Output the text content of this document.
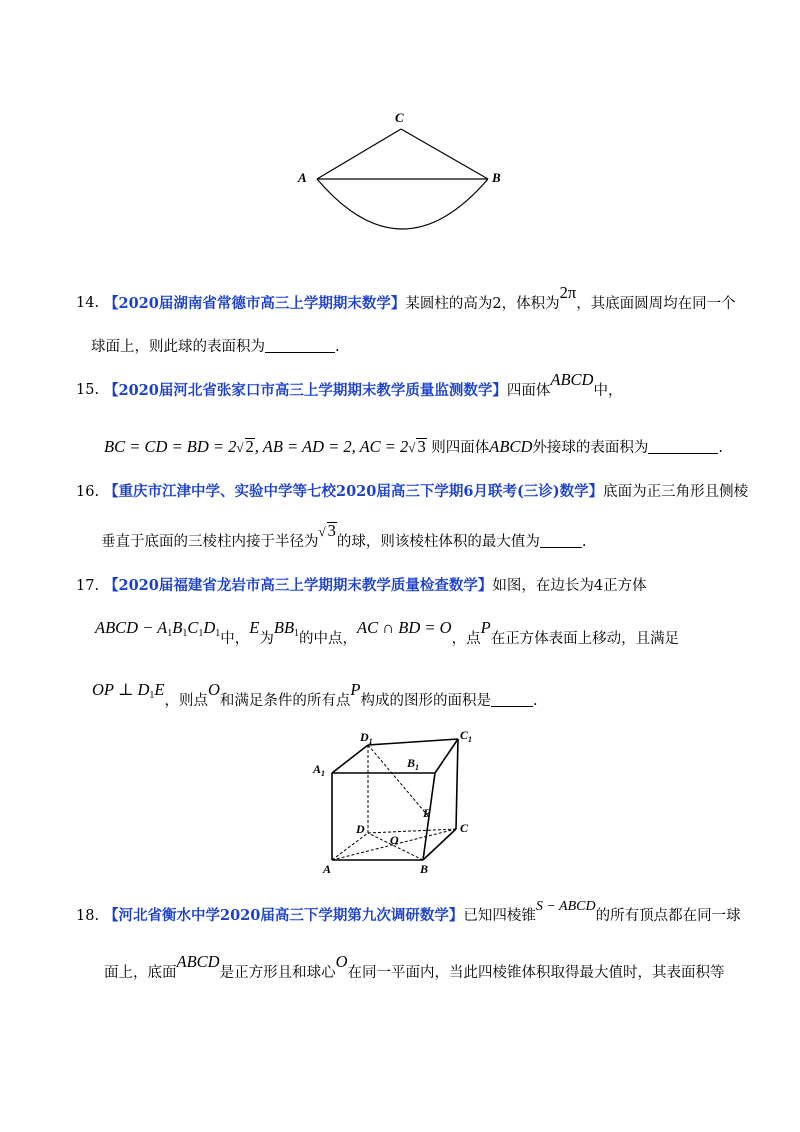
C
A	B
14. 【2020届湖南省常德市高三上学期期末数学】某圆柱的高为2，体积为2π，其底面圆周均在同一个
球面上，则此球的表面积为	.
15. 【2020届河北省张家口市高三上学期期末教学质量监测数学】四面体ABCD中，
BC = CD = BD = 2√ 2, AB = AD = 2, AC = 2√ 3 则四面体ABCD外接球的表面积为	.
16. 【重庆市江津中学、实验中学等七校2020届高三下学期6月联考(三诊)数学】底面为正三角形且侧棱
垂直于底面的三棱柱内接于半径为√ 3的球，则该棱柱体积的最大值为	.
17. 【2020届福建省龙岩市高三上学期期末教学质量检查数学】如图，在边长为4正方体
ABCD − $A_1B_1C_1D_1$中，E为$BB_1$的中点，AC ∩ BD = O，点P在正方体表面上移动，且满足
OP ⊥ $D_1E$，则点O和满足条件的所有点P构成的图形的面积是	.
$D_1$	$C_1$
$A_1$
$B_1$
E
D
O
C
A	B
18. 【河北省衡水中学2020届高三下学期第九次调研数学】已知四棱锥S − ABCD的所有顶点都在同一球
面上，底面ABCD是正方形且和球心O在同一平面内，当此四棱锥体积取得最大值时，其表面积等
